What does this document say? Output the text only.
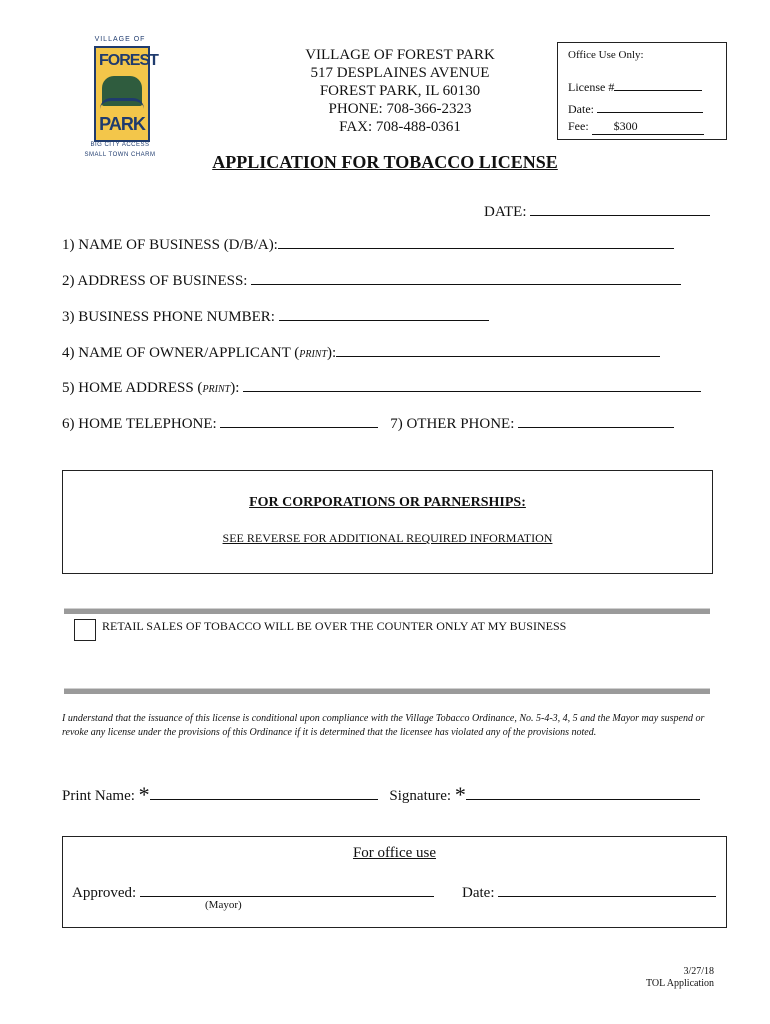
VILLAGE OF
FOREST
PARK
BIG CITY ACCESS
SMALL TOWN CHARM
VILLAGE OF FOREST PARK
517 DESPLAINES AVENUE
FOREST PARK, IL 60130
PHONE: 708-366-2323
FAX: 708-488-0361
Office Use Only:
License #
Date:
Fee: $300
APPLICATION FOR TOBACCO LICENSE
DATE:
1) NAME OF BUSINESS (D/B/A):
2) ADDRESS OF BUSINESS:
3) BUSINESS PHONE NUMBER:
4) NAME OF OWNER/APPLICANT (PRINT):
5) HOME ADDRESS (PRINT):
6) HOME TELEPHONE:	7) OTHER PHONE:
FOR CORPORATIONS OR PARNERSHIPS:
SEE REVERSE FOR ADDITIONAL REQUIRED INFORMATION
RETAIL SALES OF TOBACCO WILL BE OVER THE COUNTER ONLY AT MY BUSINESS
I understand that the issuance of this license is conditional upon compliance with the Village Tobacco Ordinance, No. 5-4-3, 4, 5 and the Mayor may suspend or revoke any license under the provisions of this Ordinance if it is determined that the licensee has violated any of the provisions noted.
Print Name: *	Signature: *
For office use
Approved:
(Mayor)
Date:
3/27/18
TOL Application
